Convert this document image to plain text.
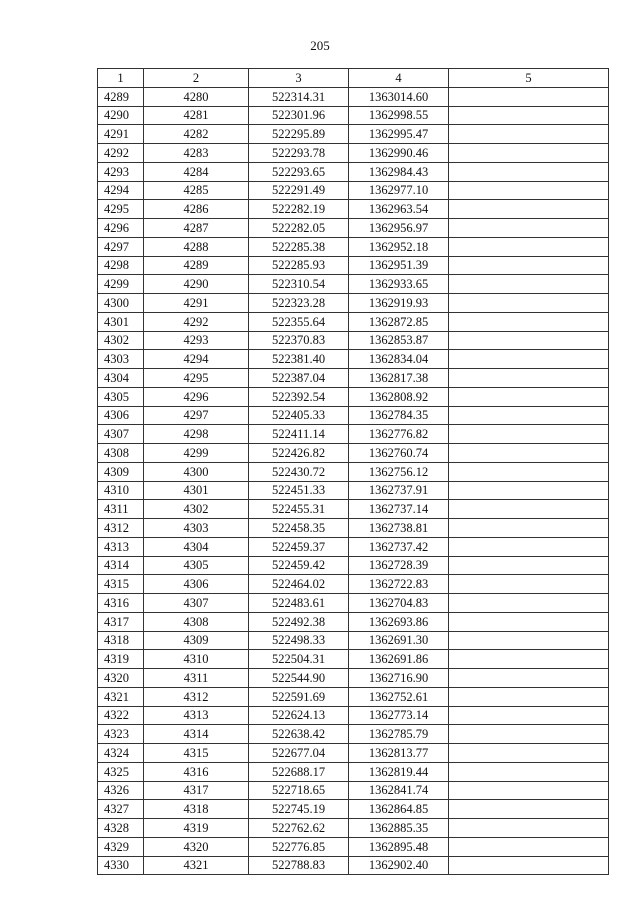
205
1	2	3	4	5
4289	4280	522314.31	1363014.60	
4290	4281	522301.96	1362998.55	
4291	4282	522295.89	1362995.47	
4292	4283	522293.78	1362990.46	
4293	4284	522293.65	1362984.43	
4294	4285	522291.49	1362977.10	
4295	4286	522282.19	1362963.54	
4296	4287	522282.05	1362956.97	
4297	4288	522285.38	1362952.18	
4298	4289	522285.93	1362951.39	
4299	4290	522310.54	1362933.65	
4300	4291	522323.28	1362919.93	
4301	4292	522355.64	1362872.85	
4302	4293	522370.83	1362853.87	
4303	4294	522381.40	1362834.04	
4304	4295	522387.04	1362817.38	
4305	4296	522392.54	1362808.92	
4306	4297	522405.33	1362784.35	
4307	4298	522411.14	1362776.82	
4308	4299	522426.82	1362760.74	
4309	4300	522430.72	1362756.12	
4310	4301	522451.33	1362737.91	
4311	4302	522455.31	1362737.14	
4312	4303	522458.35	1362738.81	
4313	4304	522459.37	1362737.42	
4314	4305	522459.42	1362728.39	
4315	4306	522464.02	1362722.83	
4316	4307	522483.61	1362704.83	
4317	4308	522492.38	1362693.86	
4318	4309	522498.33	1362691.30	
4319	4310	522504.31	1362691.86	
4320	4311	522544.90	1362716.90	
4321	4312	522591.69	1362752.61	
4322	4313	522624.13	1362773.14	
4323	4314	522638.42	1362785.79	
4324	4315	522677.04	1362813.77	
4325	4316	522688.17	1362819.44	
4326	4317	522718.65	1362841.74	
4327	4318	522745.19	1362864.85	
4328	4319	522762.62	1362885.35	
4329	4320	522776.85	1362895.48	
4330	4321	522788.83	1362902.40	
